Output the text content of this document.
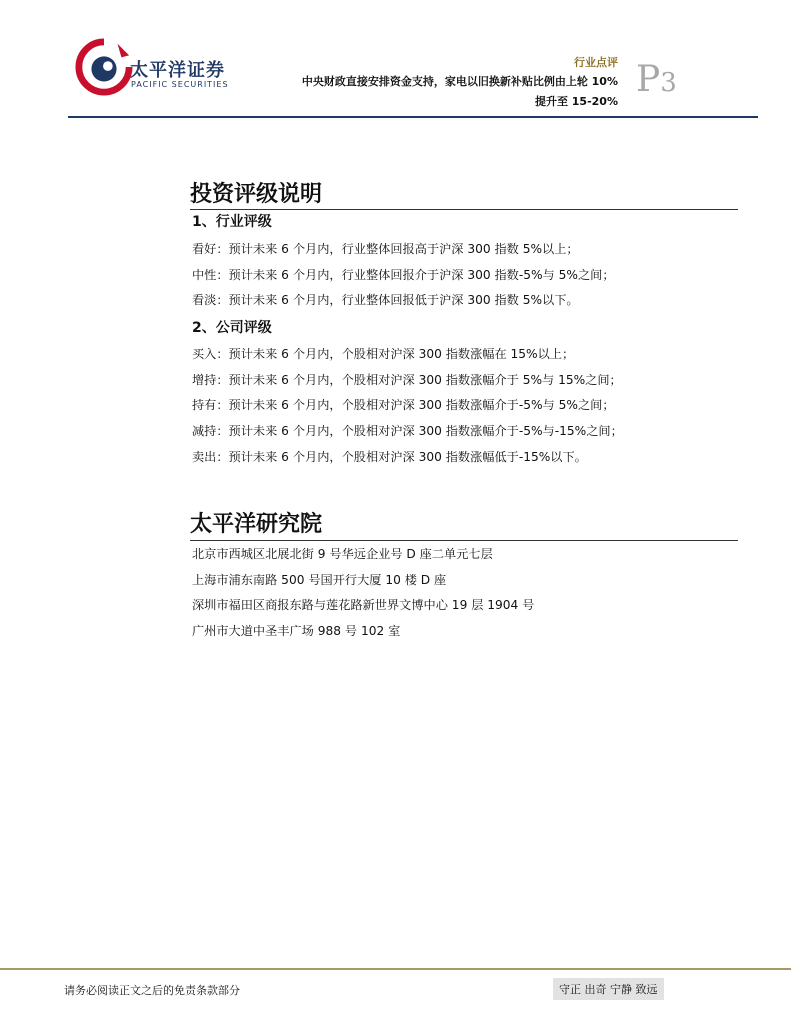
太平洋证券
PACIFIC SECURITIES
行业点评
中央财政直接安排资金支持，家电以旧换新补贴比例由上轮 10%
提升至 15-20%
P3
投资评级说明
1、行业评级
看好：预计未来 6 个月内，行业整体回报高于沪深 300 指数 5%以上；
中性：预计未来 6 个月内，行业整体回报介于沪深 300 指数-5%与 5%之间；
看淡：预计未来 6 个月内，行业整体回报低于沪深 300 指数 5%以下。
2、公司评级
买入：预计未来 6 个月内，个股相对沪深 300 指数涨幅在 15%以上；
增持：预计未来 6 个月内，个股相对沪深 300 指数涨幅介于 5%与 15%之间；
持有：预计未来 6 个月内，个股相对沪深 300 指数涨幅介于-5%与 5%之间；
减持：预计未来 6 个月内，个股相对沪深 300 指数涨幅介于-5%与-15%之间；
卖出：预计未来 6 个月内，个股相对沪深 300 指数涨幅低于-15%以下。
太平洋研究院
北京市西城区北展北街 9 号华远企业号 D 座二单元七层
上海市浦东南路 500 号国开行大厦 10 楼 D 座
深圳市福田区商报东路与莲花路新世界文博中心 19 层 1904 号
广州市大道中圣丰广场 988 号 102 室
请务必阅读正文之后的免责条款部分	守正 出奇 宁静 致远
